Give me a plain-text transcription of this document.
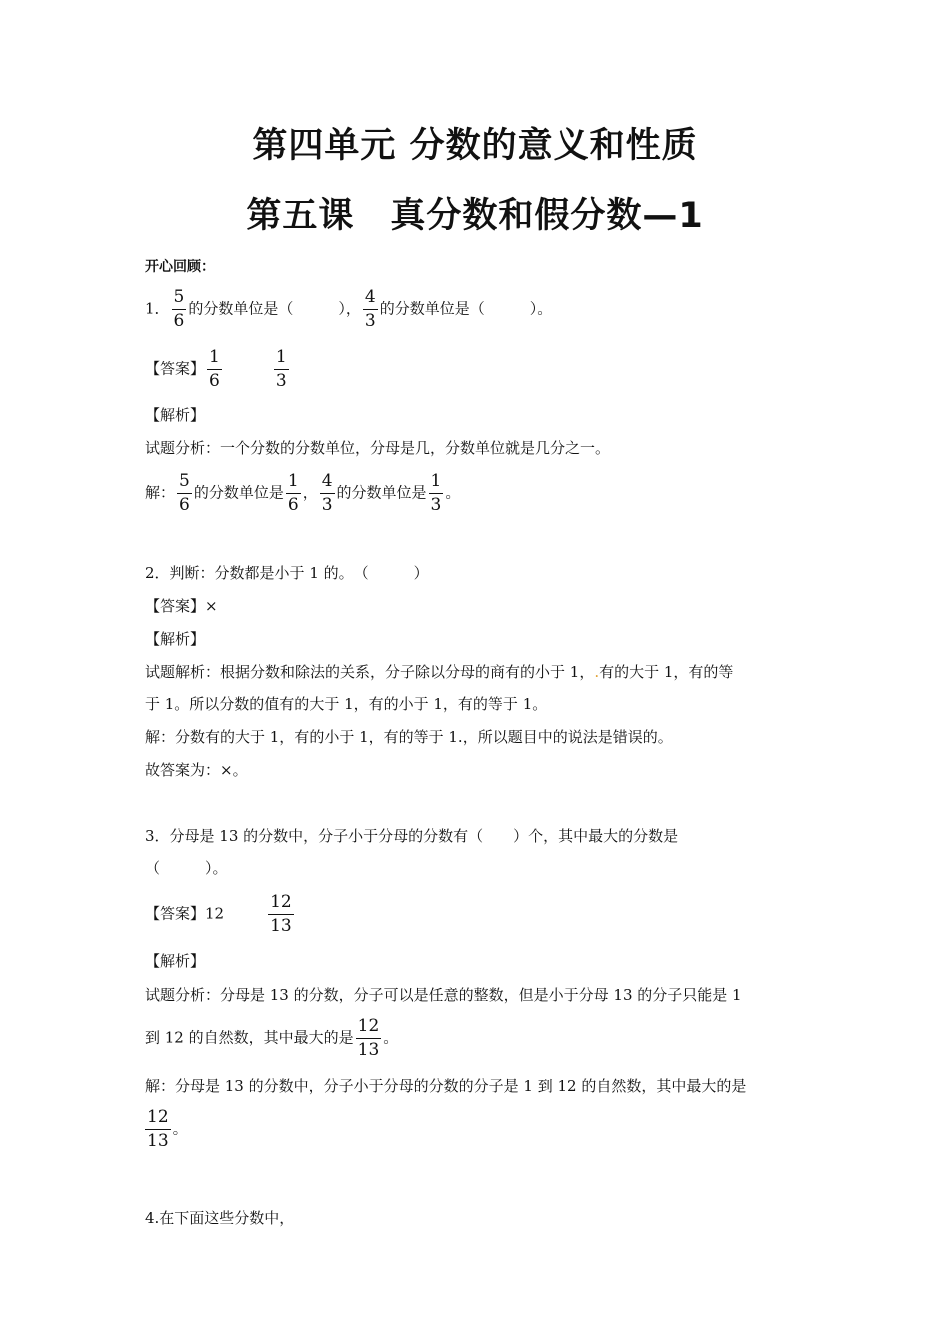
第四单元 分数的意义和性质
第五课　真分数和假分数—1
开心回顾：
1． $\frac{5}{6}$ 的分数单位是（　　　）， $\frac{4}{3}$ 的分数单位是（　　　）。
【答案】 $\frac{1}{6}$	$\frac{1}{3}$
【解析】
试题分析：一个分数的分数单位，分母是几，分数单位就是几分之一。
解： $\frac{5}{6}$ 的分数单位是 $\frac{1}{6}$ ， $\frac{4}{3}$ 的分数单位是 $\frac{1}{3}$ 。
2．判断：分数都是小于 1 的。　（　　　）
【答案】×
【解析】
试题解析：根据分数和除法的关系，分子除以分母的商有的小于 1，.有的大于 1，有的等
于 1。所以分数的值有的大于 1，有的小于 1，有的等于 1。
解：分数有的大于 1，有的小于 1，有的等于 1.，所以题目中的说法是错误的。
故答案为：×。
3．分母是 13 的分数中，分子小于分母的分数有（　　）个，其中最大的分数是
（　　　）。
【答案】12	$\frac{12}{13}$
【解析】
试题分析：分母是 13 的分数，分子可以是任意的整数，但是小于分母 13 的分子只能是 1
到 12 的自然数，其中最大的是 $\frac{12}{13}$ 。
解：分母是 13 的分数中，分子小于分母的分数的分子是 1 到 12 的自然数，其中最大的是
$\frac{12}{13}$ 。
4.在下面这些分数中，
